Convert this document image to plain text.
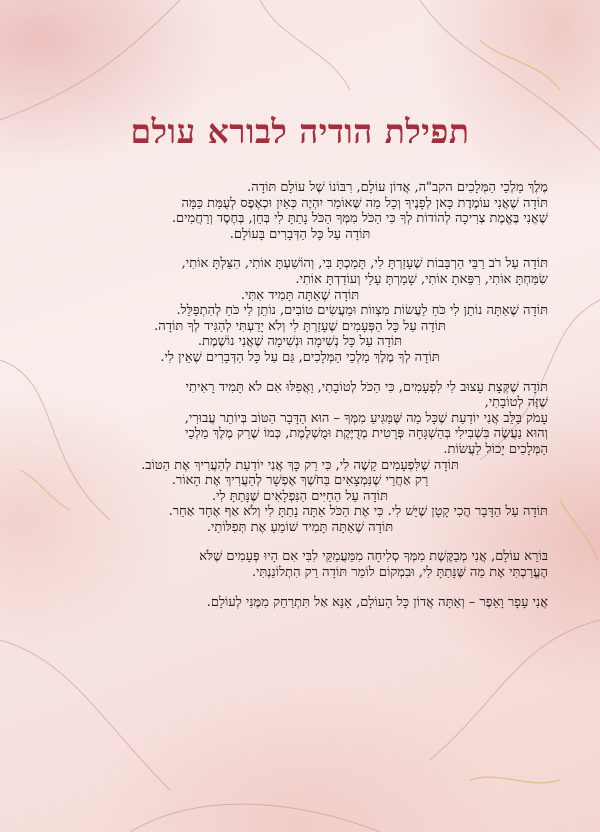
תפילת הודיה לבורא עולם
מֶלֶךְ מַלְכֵי הַמְּלָכִים הקב"ה, אֲדוֹן עוֹלָם, רִבּוֹנוֹ שֶׁל עוֹלָם תּוֹדָה.
תּוֹדָה שֶׁאֲנִי עוֹמֶדֶת כָּאן לְפָנֶיךָ וְכָל מַה שֶּׁאוֹמַר יִהְיֶה כְּאַיִן וּכְאֶפֶס לְעֻמַּת כַּמָּה
שֶׁאֲנִי בֶּאֱמֶת צְרִיכָה לְהוֹדוֹת לְךָ כִּי הַכֹּל מִמְּךָ הַכֹּל נָתַתָּ לִי בְּחֵן, בְּחֶסֶד וְרַחֲמִים.
תּוֹדָה עַל כָּל הַדְּבָרִים בָּעוֹלָם.
תּוֹדָה עַל רֹב רַבֵּי הַרְבָּבוֹת שֶׁעָזַרְתָּ לִי, תָּמַכְתָּ בִּי, וְהוֹשַׁעְתָּ אוֹתִי, הִצַּלְתָּ אוֹתִי,
שִׂמַּחְתָּ אוֹתִי, רִפֵּאתָ אוֹתִי, שָׁמַרְתָּ עָלַי וְעוֹדַדְתָּ אוֹתִי.
תּוֹדָה שֶׁאַתָּה תָּמִיד אִתִּי.
תּוֹדָה שֶׁאַתָּה נוֹתֵן לִי כֹּחַ לַעֲשׂוֹת מִצְווֹת וּמַעֲשִׂים טוֹבִים, נוֹתֵן לִי כֹּחַ לְהִתְפַּלֵּל.
תּוֹדָה עַל כָּל הַפְּעָמִים שֶׁעָזַרְתָּ לִי וְלֹא יָדַעְתִּי לְהַגִּיד לְךָ תּוֹדָה.
תּוֹדָה עַל כָּל נְשִׁימָה וּנְשִׁימָה שֶׁאֲנִי נוֹשֶׁמֶת.
תּוֹדָה לְךָ מֶלֶךְ מַלְכֵי הַמְּלָכִים, גַּם עַל כָּל הַדְּבָרִים שֶׁאֵין לִי.
תּוֹדָה שֶׁקְּצָת עָצוּב לִי לִפְעָמִים, כִּי הַכֹּל לְטוֹבָתִי, וַאֲפִלּוּ אִם לֹא תָּמִיד רָאִיתִי
שֶׁזֶּה לְטוֹבָתִי,
עָמֹק בַּלֵּב אֲנִי יוֹדַעַת שֶׁכָּל מַה שֶּׁמַּגִּיעַ מִמְּךָ – הוּא הַדָּבָר הַטּוֹב בְּיוֹתֵר עֲבוּרִי,
וְהוּא נַעֲשֶׂה בִּשְׁבִילִי בְּהַשְׁגָּחָה פְּרָטִית מְדֻיֶּקֶת וּמֻשְׁלֶמֶת, כְּמוֹ שֶׁרַק מֶלֶךְ מַלְכֵי
הַמְּלָכִים יָכוֹל לַעֲשׂוֹת.
תּוֹדָה שֶׁלִּפְעָמִים קָשֶׁה לִי, כִּי רַק כָּךְ אֲנִי יוֹדַעַת לְהַעֲרִיךְ אֶת הַטּוֹב.
רַק אַחֲרֵי שֶׁנִּמְצָאִים בַּחֹשֶׁךְ אֶפְשָׁר לְהַעֲרִיךְ אֶת הָאוֹר.
תּוֹדָה עַל הַחַיִּים הַנִּפְלָאִים שֶׁנָּתַתָּ לִי.
תּוֹדָה עַל הַדָּבָר הֲכִי קָטָן שֶׁיֵּשׁ לִי. כִּי אֶת הַכֹּל אַתָּה נָתַתָּ לִי וְלֹא אַף אֶחָד אַחֵר.
תּוֹדָה שֶׁאַתָּה תָּמִיד שׁוֹמֵעַ אֶת תְּפִלּוֹתַי.
בּוֹרֵא עוֹלָם, אֲנִי מְבַקֶּשֶׁת מִמְּךָ סְלִיחָה מִמַּעֲמַקֵּי לִבִּי אִם הָיוּ פְּעָמִים שֶׁלֹּא
הֶעֱרַכְתִּי אֶת מַה שֶּׁנָּתַתָּ לִי, וּבִמְקוֹם לוֹמַר תּוֹדָה רַק הִתְלוֹנַנְתִּי.
אֲנִי עָפָר וָאֵפֶר – וְאַתָּה אֲדוֹן כָּל הָעוֹלָם, אָנָּא אַל תִּתְרַחֵק מִמֶּנִּי לְעוֹלָם.
